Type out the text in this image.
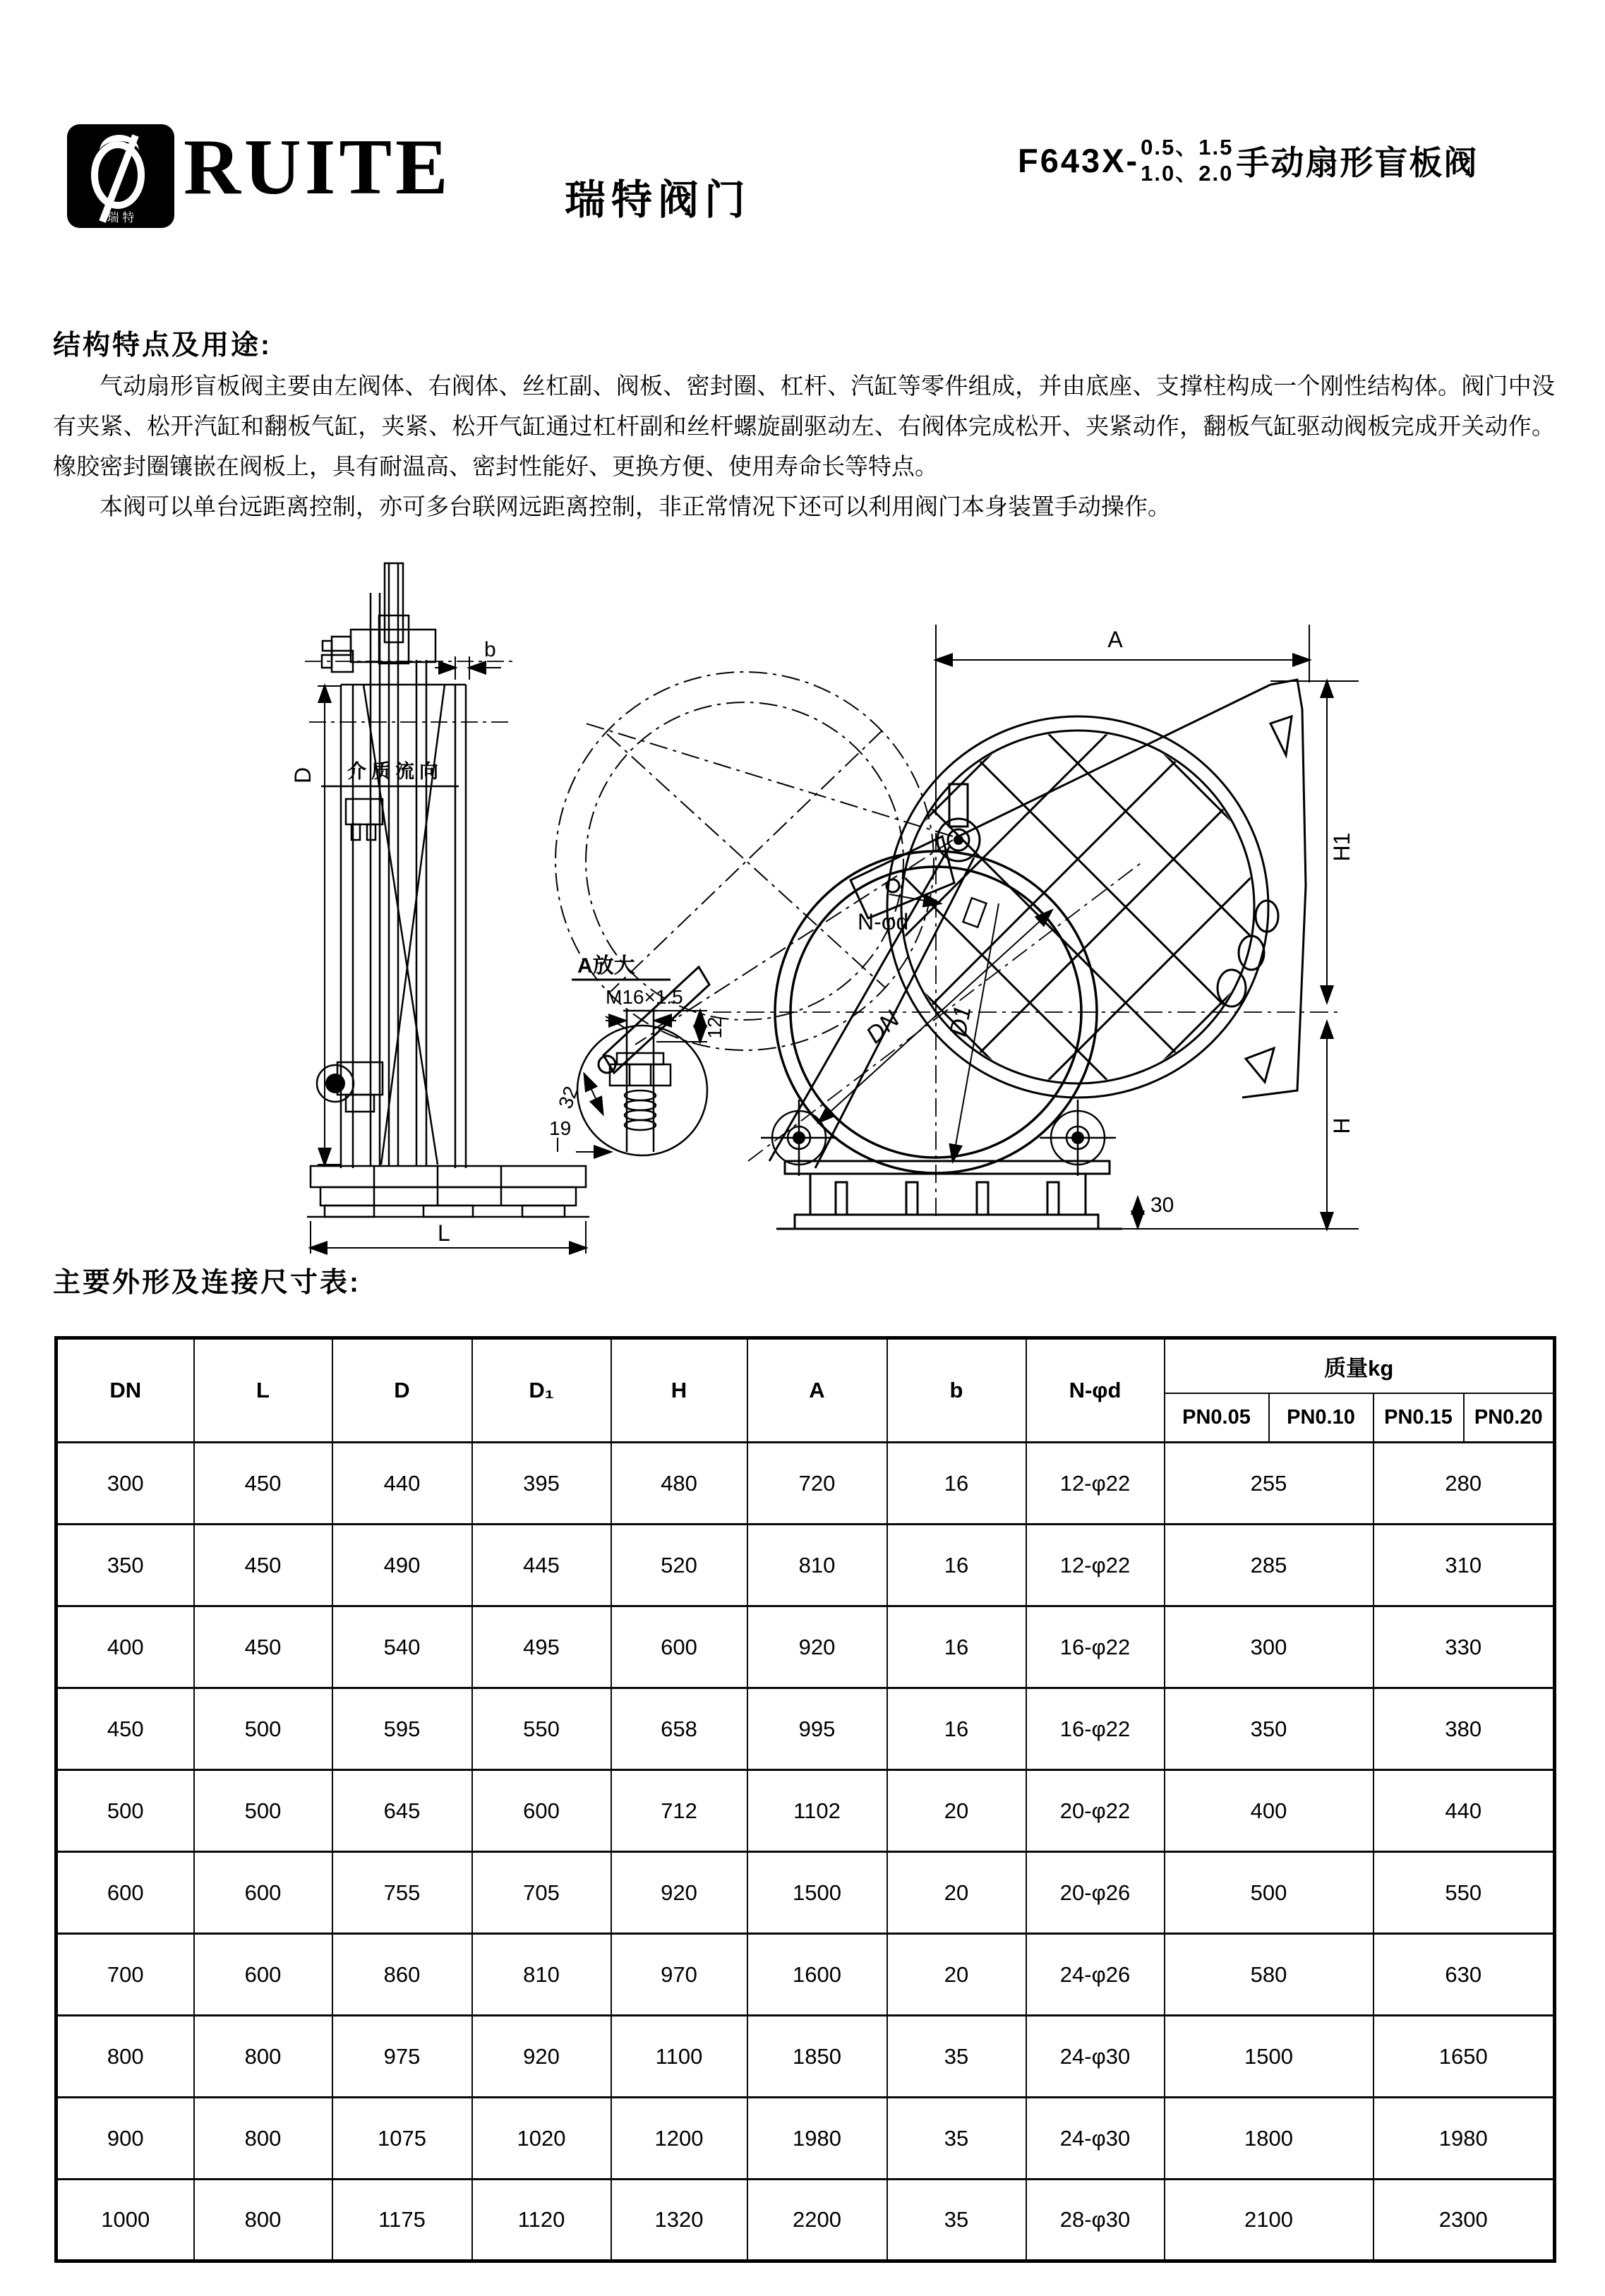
瑞 特
RUITE	瑞特阀门
F643X- 0.5、1.5
1.0、2.0 手动扇形盲板阀
结构特点及用途:

气动扇形盲板阀主要由左阀体、右阀体、丝杠副、阀板、密封圈、杠杆、汽缸等零件组成，并由底座、支撑柱构成一个刚性结构体。阀门中没有夹紧、松开汽缸和翻板气缸，夹紧、松开气缸通过杠杆副和丝杆螺旋副驱动左、右阀体完成松开、夹紧动作，翻板气缸驱动阀板完成开关动作。橡胶密封圈镶嵌在阀板上，具有耐温高、密封性能好、更换方便、使用寿命长等特点。

本阀可以单台远距离控制，亦可多台联网远距离控制，非正常情况下还可以利用阀门本身装置手动操作。

D
b
L
介质流向
A
H1
H
DN D1
N-φd
30
A放大
M16×1.5
12
32
19
主要外形及连接尺寸表:
DN	L	D	D₁	H	A	b	N-φd	质量kg			
								PN0.05	PN0.10	PN0.15	PN0.20
300	450	440	395	480	720	16	12-φ22	255		280	
350	450	490	445	520	810	16	12-φ22	285		310	
400	450	540	495	600	920	16	16-φ22	300		330	
450	500	595	550	658	995	16	16-φ22	350		380	
500	500	645	600	712	1102	20	20-φ22	400		440	
600	600	755	705	920	1500	20	20-φ26	500		550	
700	600	860	810	970	1600	20	24-φ26	580		630	
800	800	975	920	1100	1850	35	24-φ30	1500		1650	
900	800	1075	1020	1200	1980	35	24-φ30	1800		1980	
1000	800	1175	1120	1320	2200	35	28-φ30	2100		2300	
